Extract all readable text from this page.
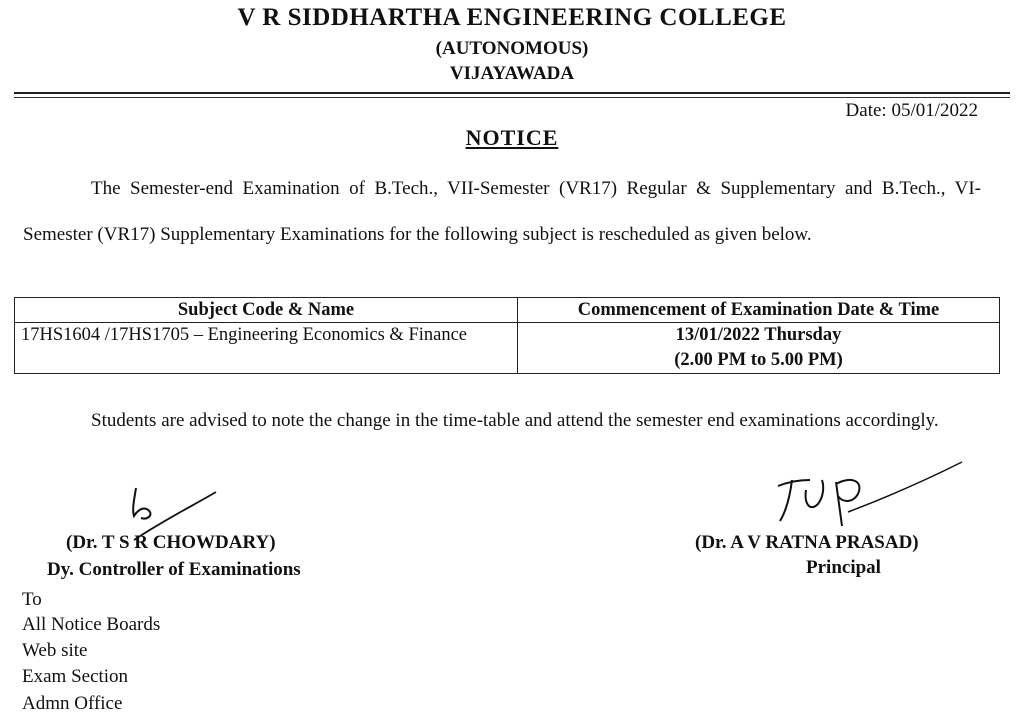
V R SIDDHARTHA ENGINEERING COLLEGE
(AUTONOMOUS)
VIJAYAWADA
Date: 05/01/2022
NOTICE
The Semester-end Examination of B.Tech., VII-Semester (VR17) Regular & Supplementary and B.Tech., VI-Semester (VR17) Supplementary Examinations for the following subject is rescheduled as given below.
Subject Code & Name	Commencement of Examination Date & Time
17HS1604 /17HS1705 – Engineering Economics & Finance	13/01/2022 Thursday
(2.00 PM to 5.00 PM)
Students are advised to note the change in the time-table and attend the semester end examinations accordingly.
(Dr. T S R CHOWDARY)
Dy. Controller of Examinations
(Dr. A V RATNA PRASAD)
Principal
To
All Notice Boards
Web site
Exam Section
Admn Office
